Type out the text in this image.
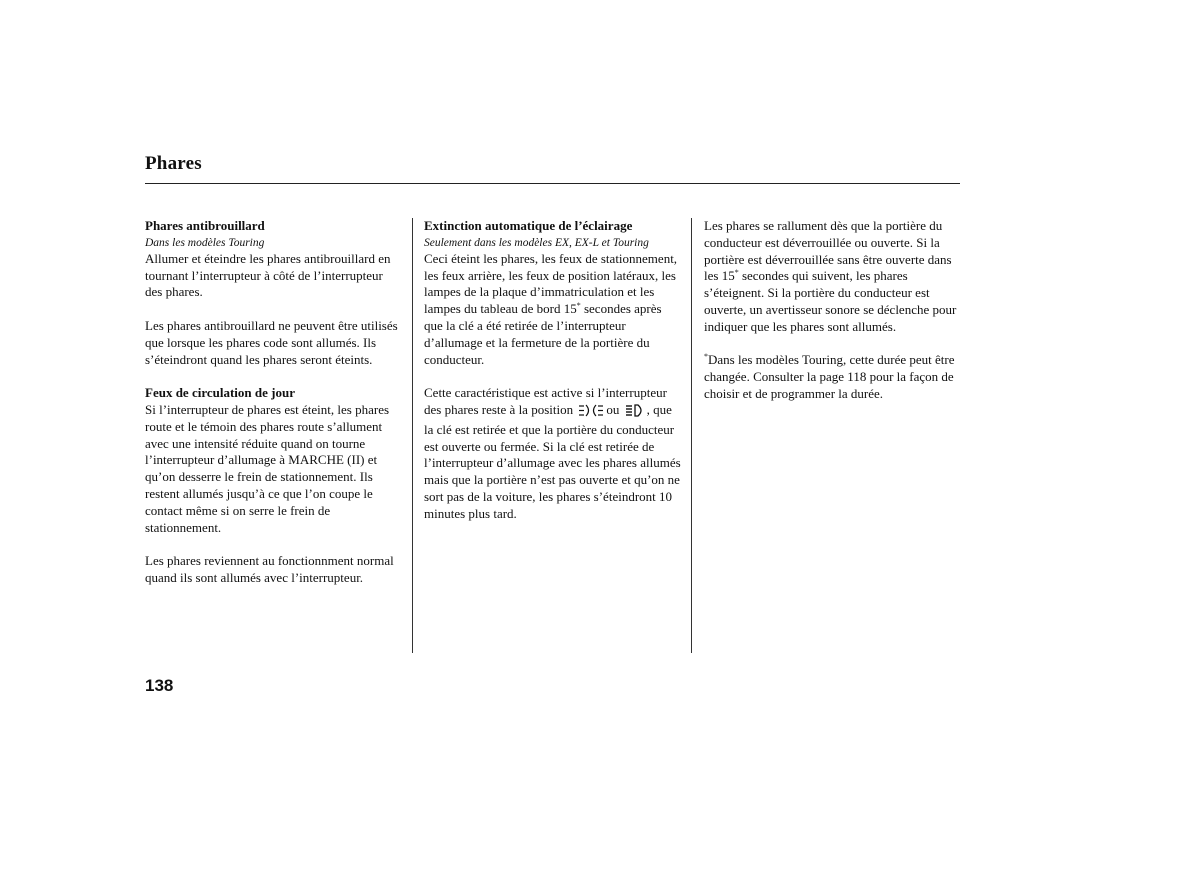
Phares
Phares antibrouillard

Dans les modèles Touring

Allumer et éteindre les phares antibrouillard en tournant l’interrupteur à côté de l’interrupteur des phares.

Les phares antibrouillard ne peuvent être utilisés que lorsque les phares code sont allumés. Ils s’éteindront quand les phares seront éteints.

Feux de circulation de jour

Si l’interrupteur de phares est éteint, les phares route et le témoin des phares route s’allument avec une intensité réduite quand on tourne l’interrupteur d’allumage à MARCHE (II) et qu’on desserre le frein de stationnement. Ils restent allumés jusqu’à ce que l’on coupe le contact même si on serre le frein de stationnement.

Les phares reviennent au fonctionnment normal quand ils sont allumés avec l’interrupteur.

Extinction automatique de l’éclairage

Seulement dans les modèles EX, EX-L et Touring

Ceci éteint les phares, les feux de stationnement, les feux arrière, les feux de position latéraux, les lampes de la plaque d’immatriculation et les lampes du tableau de bord 15* secondes après que la clé a été retirée de l’interrupteur d’allumage et la fermeture de la portière du conducteur.

Cette caractéristique est active si l’interrupteur des phares reste à la position	ou , que la clé est retirée et que la portière du conducteur est ouverte ou fermée. Si la clé est retirée de l’interrupteur d’allumage avec les phares allumés mais que la portière n’est pas ouverte et qu’on ne sort pas de la voiture, les phares s’éteindront 10 minutes plus tard.

Les phares se rallument dès que la portière du conducteur est déverrouillée ou ouverte. Si la portière est déverrouillée sans être ouverte dans les 15* secondes qui suivent, les phares s’éteignent. Si la portière du conducteur est ouverte, un avertisseur sonore se déclenche pour indiquer que les phares sont allumés.

*Dans les modèles Touring, cette durée peut être changée. Consulter la page 118 pour la façon de choisir et de programmer la durée.

138
